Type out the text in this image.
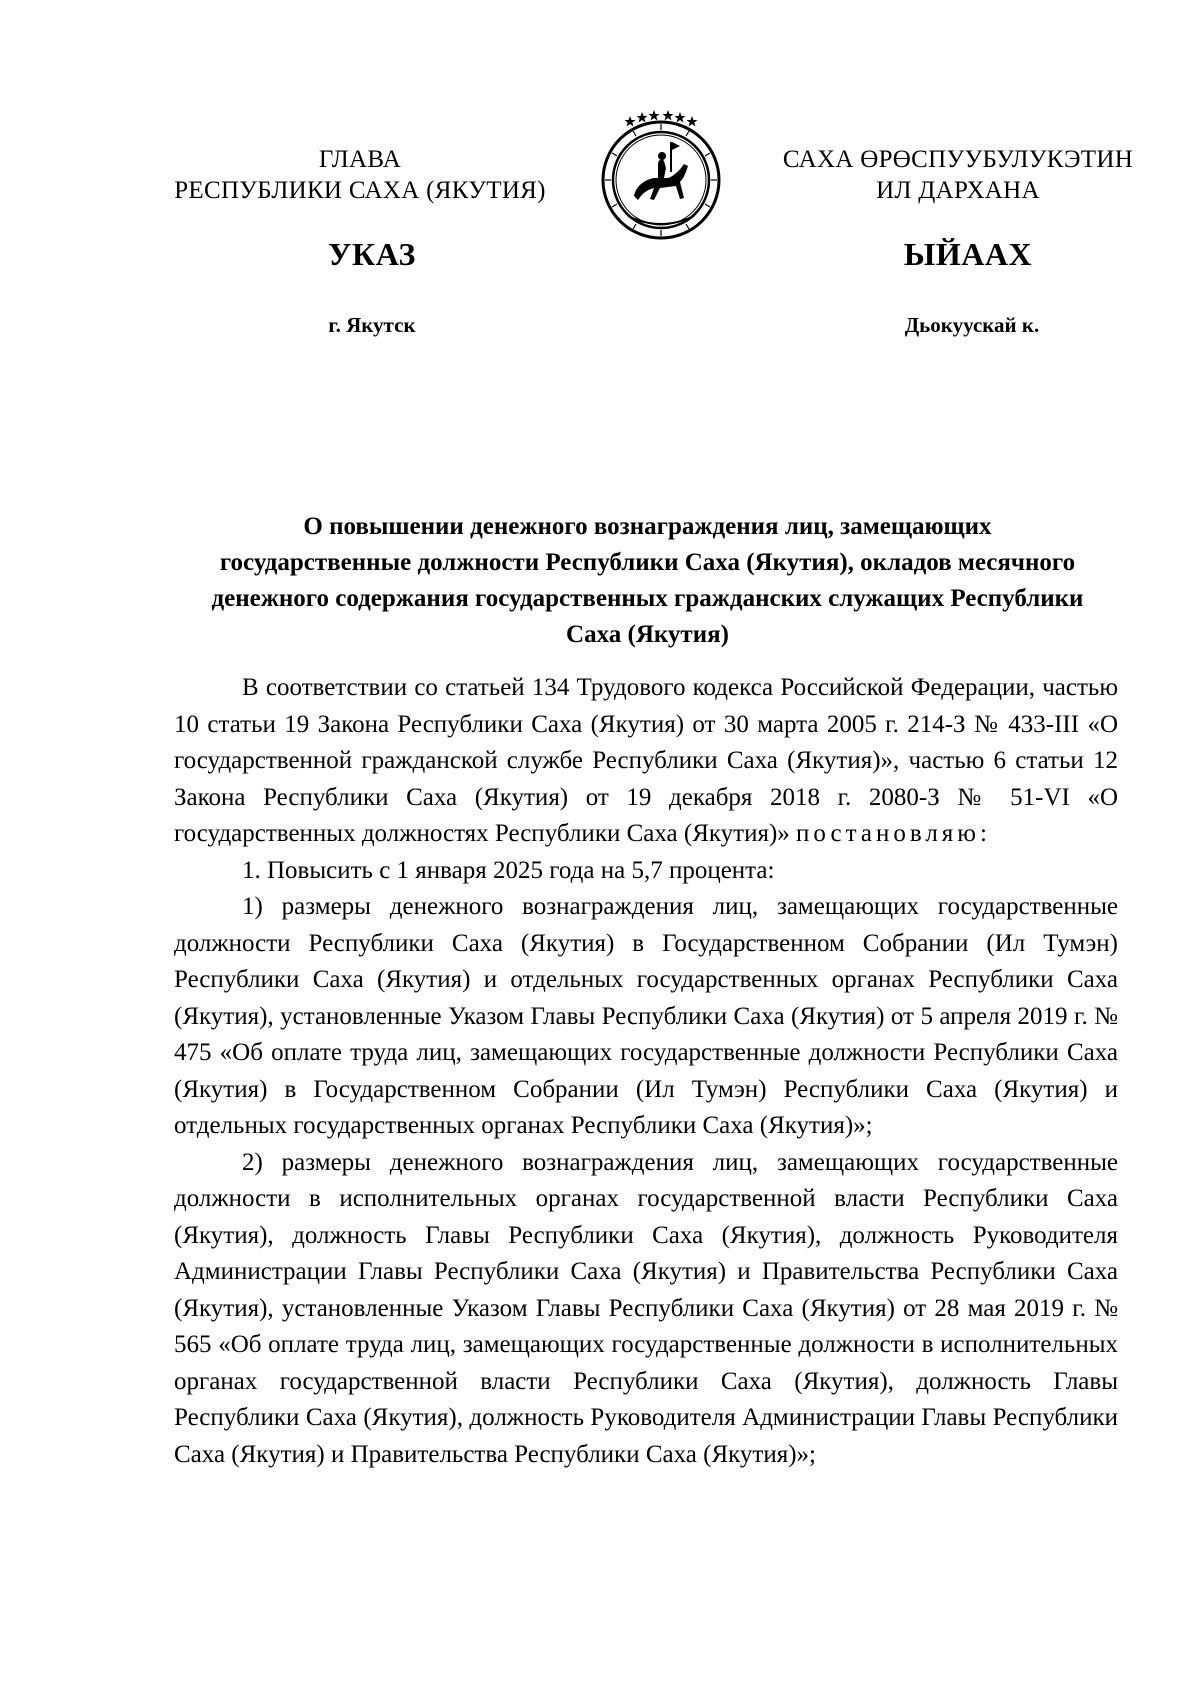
ГЛАВА
РЕСПУБЛИКИ САХА (ЯКУТИЯ)
САХА ӨРӨСПУУБУЛУКЭТИН
ИЛ ДАРХАНА
УКАЗ	ЫЙААХ
г. Якутск	Дьокуускай к.
О повышении денежного вознаграждения лиц, замещающих государственные должности Республики Саха (Якутия), окладов месячного денежного содержания государственных гражданских служащих Республики Саха (Якутия)

В соответствии со статьей 134 Трудового кодекса Российской Федерации, частью 10 статьи 19 Закона Республики Саха (Якутия) от 30 марта 2005 г. 214-З № 433-III «О государственной гражданской службе Республики Саха (Якутия)», частью 6 статьи 12 Закона Республики Саха (Якутия) от 19 декабря 2018 г. 2080-З № 51-VI «О государственных должностях Республики Саха (Якутия)» постановляю:

1. Повысить с 1 января 2025 года на 5,7 процента:

1) размеры денежного вознаграждения лиц, замещающих государственные должности Республики Саха (Якутия) в Государственном Собрании (Ил Тумэн) Республики Саха (Якутия) и отдельных государственных органах Республики Саха (Якутия), установленные Указом Главы Республики Саха (Якутия) от 5 апреля 2019 г. № 475 «Об оплате труда лиц, замещающих государственные должности Республики Саха (Якутия) в Государственном Собрании (Ил Тумэн) Республики Саха (Якутия) и отдельных государственных органах Республики Саха (Якутия)»;

2) размеры денежного вознаграждения лиц, замещающих государственные должности в исполнительных органах государственной власти Республики Саха (Якутия), должность Главы Республики Саха (Якутия), должность Руководителя Администрации Главы Республики Саха (Якутия) и Правительства Республики Саха (Якутия), установленные Указом Главы Республики Саха (Якутия) от 28 мая 2019 г. № 565 «Об оплате труда лиц, замещающих государственные должности в исполнительных органах государственной власти Республики Саха (Якутия), должность Главы Республики Саха (Якутия), должность Руководителя Администрации Главы Республики Саха (Якутия) и Правительства Республики Саха (Якутия)»;
